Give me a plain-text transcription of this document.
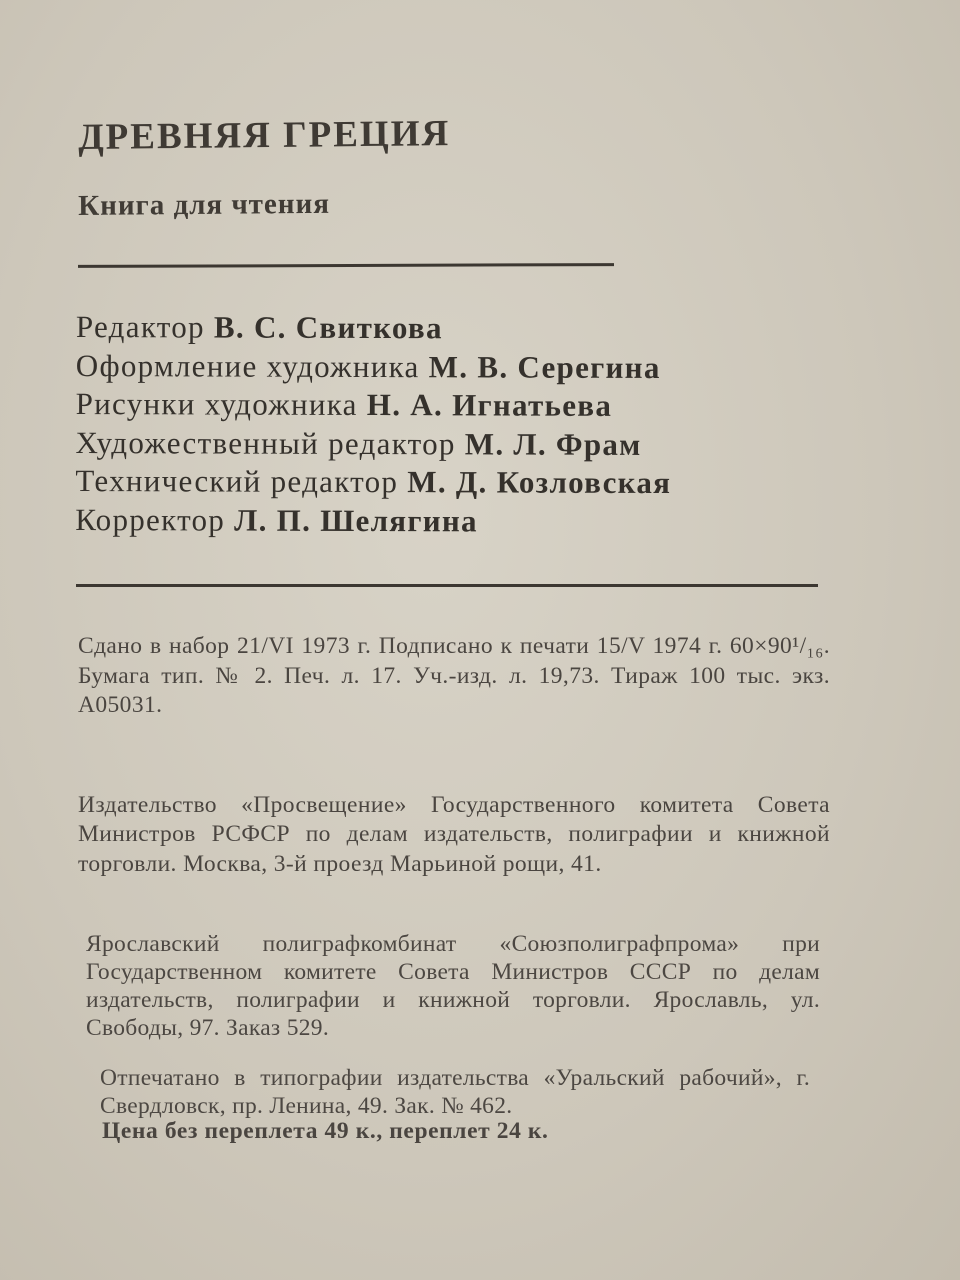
ДРЕВНЯЯ ГРЕЦИЯ
Книга для чтения
Редактор В. С. Свиткова
Оформление художника М. В. Серегина
Рисунки художника Н. А. Игнатьева
Художественный редактор М. Л. Фрам
Технический редактор М. Д. Козловская
Корректор Л. П. Шелягина

Сдано в набор 21/VI 1973 г. Подписано к печати 15/V 1974 г. 60×90¹/₁₆. Бумага тип. № 2. Печ. л. 17. Уч.-изд. л. 19,73. Тираж 100 тыс. экз. А05031.

Издательство «Просвещение» Государственного комитета Совета Министров РСФСР по делам издательств, полиграфии и книжной торговли. Москва, 3-й проезд Марьиной рощи, 41.

Ярославский полиграфкомбинат «Союзполиграфпрома» при Государственном комитете Совета Министров СССР по делам издательств, полиграфии и книжной торговли. Ярославль, ул. Свободы, 97. Заказ 529.

Отпечатано в типографии издательства «Уральский рабочий», г. Свердловск, пр. Ленина, 49. Зак. № 462.

Цена без переплета 49 к., переплет 24 к.
